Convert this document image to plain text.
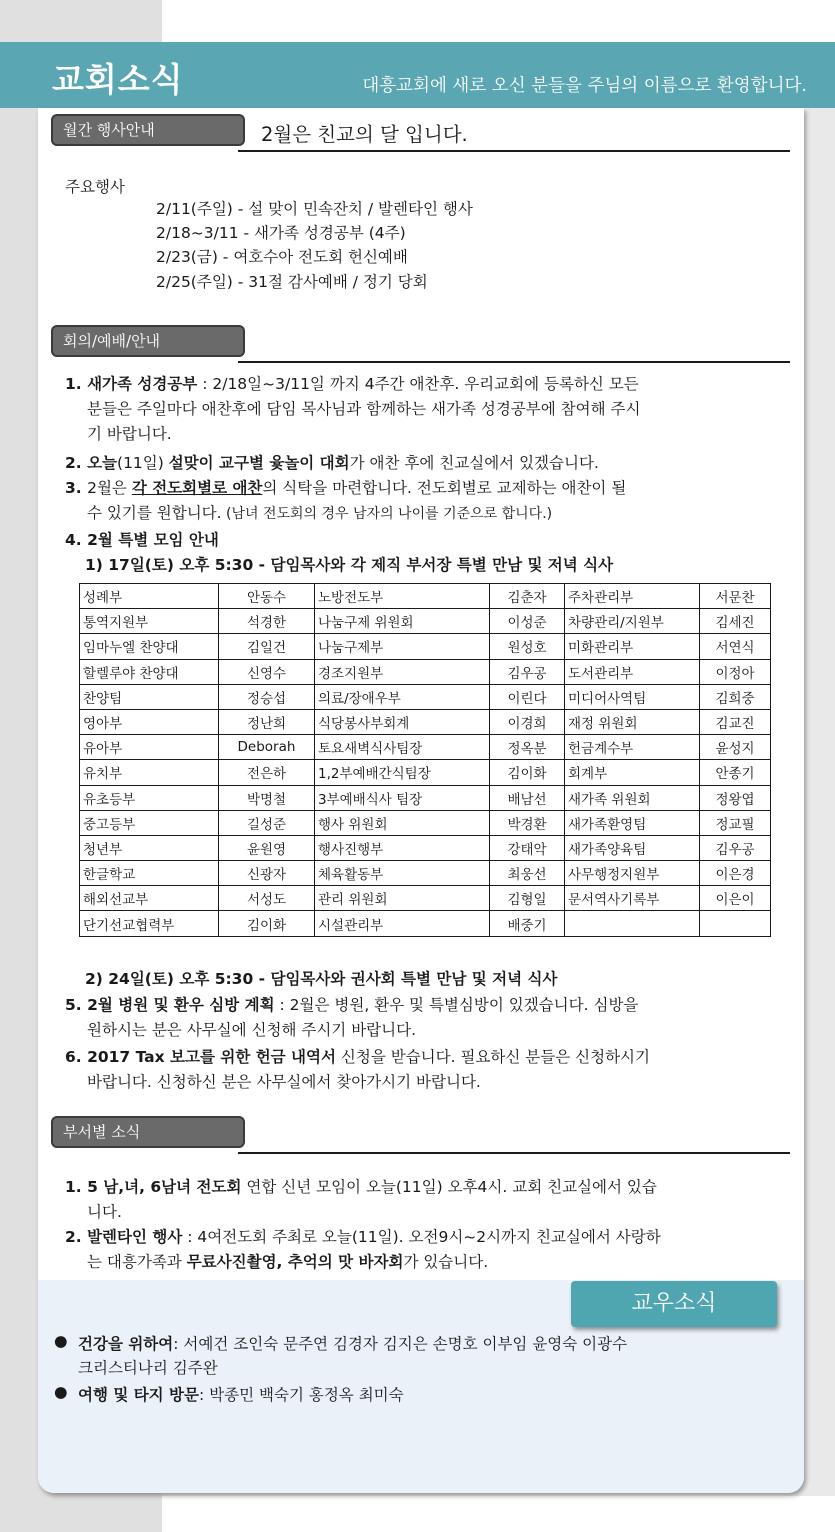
교회소식	대흥교회에 새로 오신 분들을 주님의 이름으로 환영합니다.
월간 행사안내	2월은 친교의 달 입니다.
주요행사
2/11(주일) - 설 맞이 민속잔치 / 발렌타인 행사
2/18~3/11 - 새가족 성경공부 (4주)
2/23(금) - 여호수아 전도회 헌신예배
2/25(주일) - 31절 감사예배 / 정기 당회
회의/예배/안내
1. 새가족 성경공부 : 2/18일~3/11일 까지 4주간 애찬후. 우리교회에 등록하신 모든
분들은 주일마다 애찬후에 담임 목사님과 함께하는 새가족 성경공부에 참여해 주시
기 바랍니다.
2. 오늘(11일) 설맞이 교구별 윷놀이 대회가 애찬 후에 친교실에서 있겠습니다.
3. 2월은 각 전도회별로 애찬의 식탁을 마련합니다. 전도회별로 교제하는 애찬이 될
수 있기를 원합니다. (남녀 전도회의 경우 남자의 나이를 기준으로 합니다.)
4. 2월 특별 모임 안내
1) 17일(토) 오후 5:30 - 담임목사와 각 제직 부서장 특별 만남 및 저녁 식사
성례부	안동수	노방전도부	김춘자	주차관리부	서문찬
통역지원부	석경한	나눔구제 위원회	이성준	차량관리/지원부	김세진
임마누엘 찬양대	김일건	나눔구제부	원성호	미화관리부	서연식
할렐루야 찬양대	신영수	경조지원부	김우공	도서관리부	이정아
찬양팀	정승섭	의료/장애우부	이린다	미디어사역팀	김희중
영아부	정난희	식당봉사부회계	이경희	재정 위원회	김교진
유아부	Deborah	토요새벽식사팀장	정옥분	헌금계수부	윤성지
유치부	전은하	1,2부예배간식팀장	김이화	회계부	안종기
유초등부	박명철	3부예배식사 팀장	배남선	새가족 위원회	정왕엽
중고등부	길성준	행사 위원회	박경환	새가족환영팀	정교필
청년부	윤원영	행사진행부	강태악	새가족양육팀	김우공
한글학교	신광자	체육활동부	최웅선	사무행정지원부	이은경
해외선교부	서성도	관리 위원회	김형일	문서역사기록부	이은이
단기선교협력부	김이화	시설관리부	배중기		
2) 24일(토) 오후 5:30 - 담임목사와 권사회 특별 만남 및 저녁 식사
5. 2월 병원 및 환우 심방 계획 : 2월은 병원, 환우 및 특별심방이 있겠습니다. 심방을
원하시는 분은 사무실에 신청해 주시기 바랍니다.
6. 2017 Tax 보고를 위한 헌금 내역서 신청을 받습니다. 필요하신 분들은 신청하시기
바랍니다. 신청하신 분은 사무실에서 찾아가시기 바랍니다.
부서별 소식
1. 5 남,녀, 6남녀 전도회 연합 신년 모임이 오늘(11일) 오후4시. 교회 친교실에서 있습
니다.
2. 발렌타인 행사 : 4여전도회 주최로 오늘(11일). 오전9시~2시까지 친교실에서 사랑하
는 대흥가족과 무료사진촬영, 추억의 맛 바자회가 있습니다.
교우소식
● 건강을 위하여: 서예건 조인숙 문주연 김경자 김지은 손명호 이부임 윤영숙 이광수
크리스티나리 김주완
● 여행 및 타지 방문: 박종민 백숙기 홍정옥 최미숙
